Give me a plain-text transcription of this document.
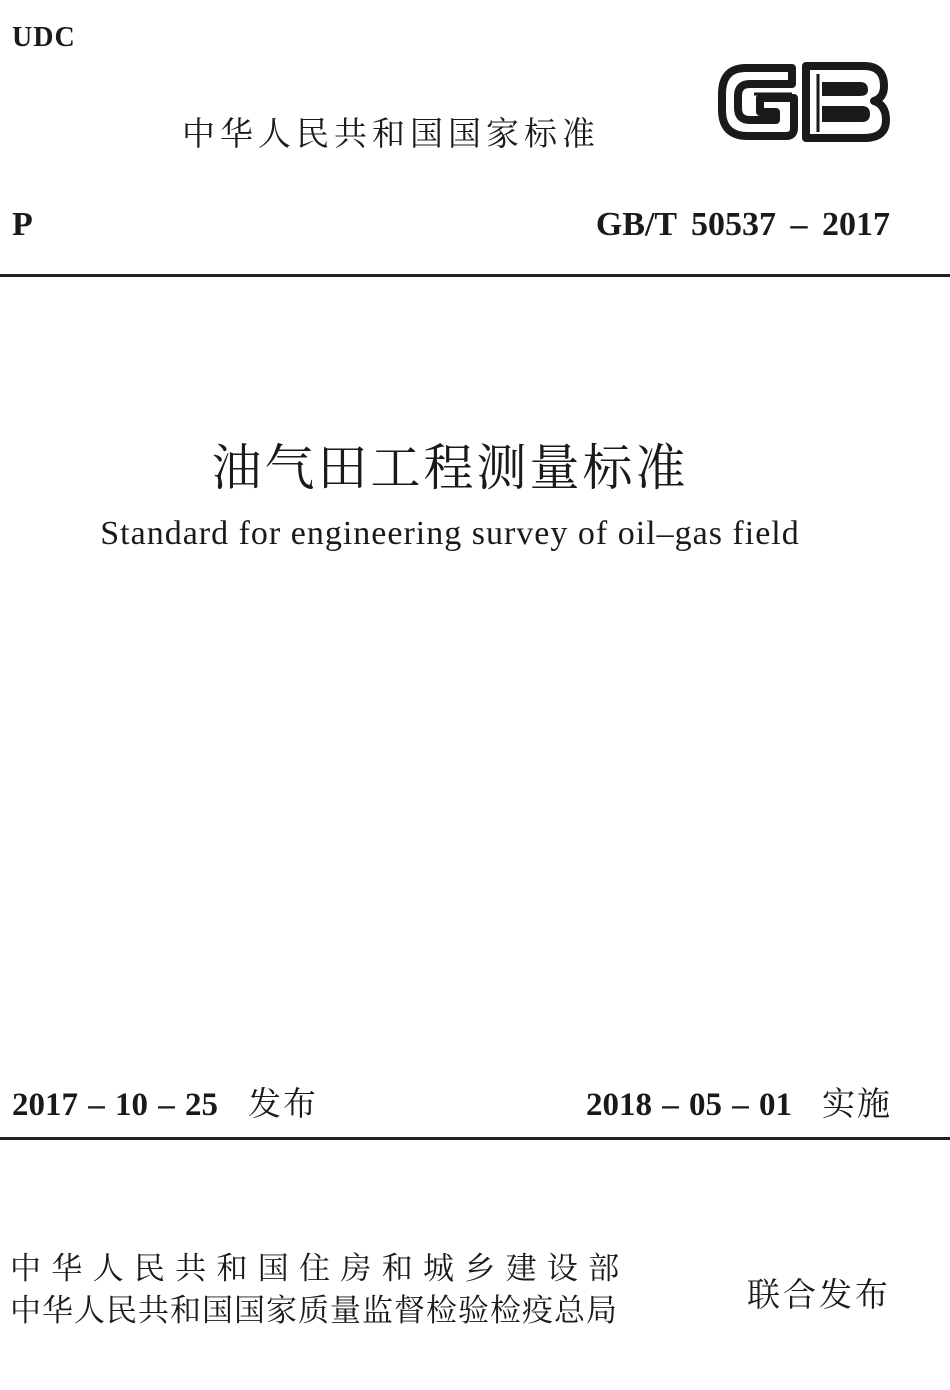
UDC
中华人民共和国国家标准
P	GB/T 50537 – 2017
油气田工程测量标准
Standard for engineering survey of oil–gas field
2017 – 10 – 25 发布	2018 – 05 – 01 实施
中华人民共和国住房和城乡建设部
中华人民共和国国家质量监督检验检疫总局	联合发布
